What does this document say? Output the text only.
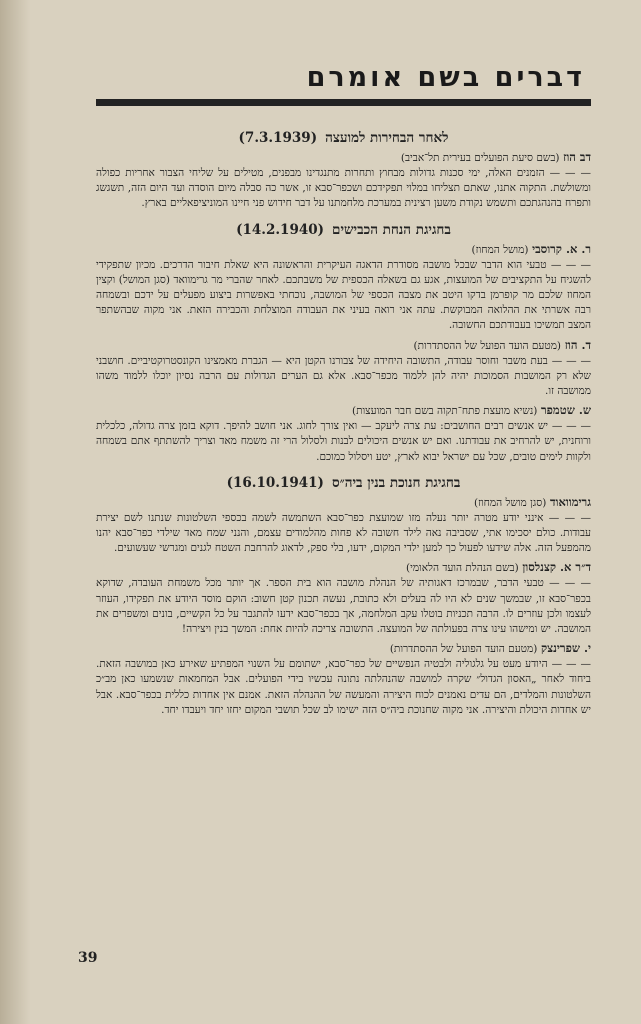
דברים בשם אומרם
לאחר הבחירות למועצה
(7.3.1939)
דב הוז (בשם סיעת הפועלים בעירית תל־אביב)

— — — הזמנים האלה, ימי סכנות גדולות מבחוץ ותחרות מתנגדינו מבפנים, מטילים על שליחי הצבור אחריות כפולה ומשולשת. התקוה אתנו, שאתם תצליחו במלוי תפקידכם ושכפר־סבא זו, אשר כה סבלה מיום הוסדה ועד היום הזה, תשגשג ותפרח בהנהגתכם ותשמש נקודת משען רצינית במערכת מלחמתנו על דבר חידוש פני חיינו המוניציפאליים בארץ.

בחגיגת הנחת הכבישים
(14.2.1940)
ר. א. קרוסבי (מושל המחוז)

— — — טבעי הוא הדבר שבכל מושבה מסודרת הדאגה העיקרית והראשונה היא שאלת חיבור הדרכים. מכיון שתפקידי להשגיח על התקציבים של המועצות, אגע גם בשאלה הכספית של משבתכם. לאחר שהברי מר גרימוואד (סגן המושל) וקצין המחוז שלכם מר קופרמן בדקו היטב את מצבה הכספי של המושבה, נוכחתי באפשרות ביצוע מפעלים על ידכם ובשמחה רבה אשרתי את ההלואה המבוקשת. עתה אני רואה בעיני את העבודה המוצלחת והכבירה הזאת. אני מקוה שבהשתפר המצב תמשיכו בעבודתכם החשובה.

ד. הוז (מטעם הועד הפועל של ההסתדרות)

— — — בעת משבר וחוסר עבודה, התשובה היחידה של צבורנו הקטן היא — הגברת מאמצינו הקונסטרוקטיביים. חושבני שלא רק המושבות הסמוכות יהיה להן ללמוד מכפר־סבא. אלא גם הערים הגדולות עם הרבה נסיון יוכלו ללמוד משהו ממושבה זו.

ש. שטמפר (נשיא מועצת פתח־תקוה בשם חבר המועצות)

— — — יש אנשים רבים החושבים: עת צרה ליעקב — ואין צורך לחוג. אני חושב להיפך. דוקא בזמן צרה גדולה, כלכלית ורוחנית, יש להרחיב את עבודתנו. ואם יש אנשים היכולים לבנות ולסלול הרי זה משמח מאד וצריך להשתתף אתם בשמחה ולקוות לימים טובים, שכל עם ישראל יבוא לארץ, יטע ויסלול כמוכם.

בחגיגת חנוכת בנין ביה״ס
(16.10.1941)
גרימוואוד (סגן מושל המחוז)

— — — אינני יודע מטרה יותר נעלה מזו שמועצת כפר־סבא השתמשה לשמה בכספי השלטונות שנתנו לשם יצירת עבודות. כולם יסכימו אתי, שסביבה נאה לילד חשובה לא פחות מהלמודים עצמם, והנני שמח מאד שילדי כפר־סבא יהנו מהמפעל הזה. אלה שידעו לפעול כך למען ילדי המקום, ידעו, בלי ספק, לדאוג להרחבת השטח לגנים ומגרשי שעשועים.

ד״ר א. קצנלסון (בשם הנהלת הועד הלאומי)

— — — טבעי הדבר, שבמרכז דאגותיה של הנהלת מושבה הוא בית הספר. אך יותר מכל משמחת העובדה, שדוקא בכפר־סבא זו, שבמשך שנים לא היו לה בעלים ולא כתובת, נעשה תכנון קטן חשוב: הוקם מוסד היודע את תפקידו, העוזר לעצמו ולכן עוזרים לו. הרבה תכניות בוטלו עקב המלחמה, אך בכפר־סבא ידעו להתגבר על כל הקשיים, בונים ומשפרים את המושבה. יש ומישהו עינו צרה בפעולתה של המועצה. התשובה צריכה להיות אחת: המשך בנין ויצירה!

י. שפרינצק (מטעם הועד הפועל של ההסתדרות)

— — — היודע מעט על גלגוליה ולבטיה הנפשיים של כפר־סבא, ישתומם על השנוי המפתיע שאירע כאן במושבה הזאת. ביחוד לאחר „האסון הגדול״ שקרה למושבה שהנהלתה נתונה עכשיו בידי הפועלים. אבל המחמאות שנשמעו כאן מב״כ השלטונות והמלדים, הם עדים נאמנים לכוח היצירה והמעשה של ההנהלה הזאת. אמנם אין אחדות כללית בכפר־סבא. אבל יש אחדות היכולת והיצירה. אני מקוה שחנוכת ביה״ס הזה ישימו לב שכל תושבי המקום יחזו יחד ויעבדו יחד.

39
